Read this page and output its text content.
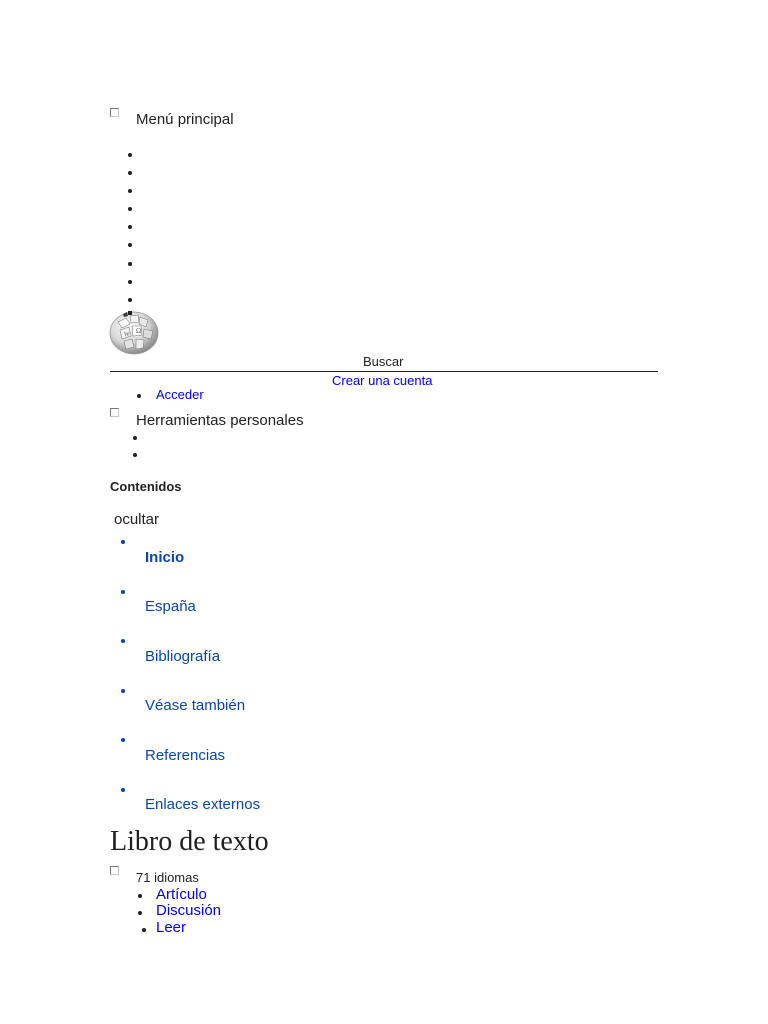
Menú principal
Ω
W
Buscar
Crear una cuenta
Acceder
Herramientas personales
Contenidos
ocultar
Inicio
España
Bibliografía
Véase también
Referencias
Enlaces externos
Libro de texto
71 idiomas
Artículo
Discusión
Leer
